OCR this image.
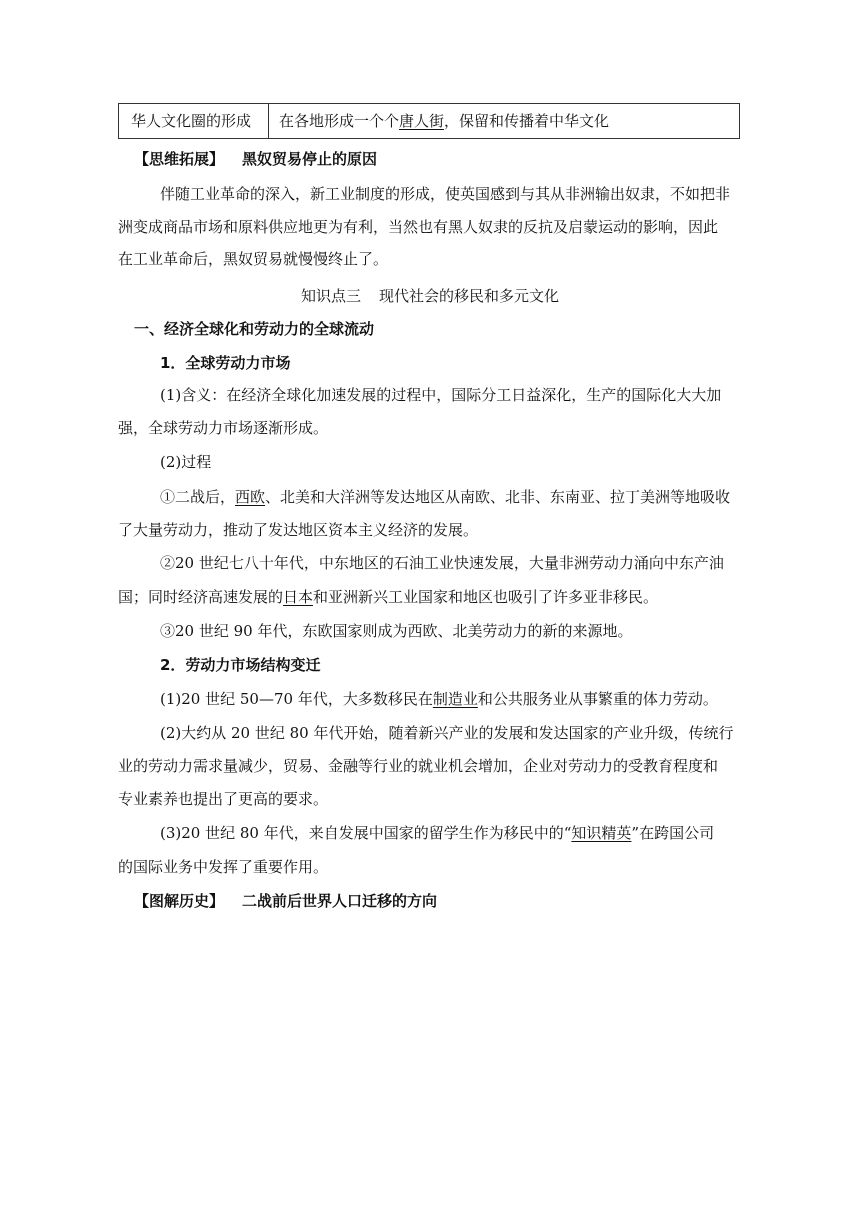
华人文化圈的形成	在各地形成一个个唐人街，保留和传播着中华文化
【思维拓展】 黑奴贸易停止的原因
伴随工业革命的深入，新工业制度的形成，使英国感到与其从非洲输出奴隶，不如把非
洲变成商品市场和原料供应地更为有利，当然也有黑人奴隶的反抗及启蒙运动的影响，因此
在工业革命后，黑奴贸易就慢慢终止了。
知识点三 现代社会的移民和多元文化
一、经济全球化和劳动力的全球流动
1．全球劳动力市场
(1)含义：在经济全球化加速发展的过程中，国际分工日益深化，生产的国际化大大加
强，全球劳动力市场逐渐形成。
(2)过程
①二战后，西欧、北美和大洋洲等发达地区从南欧、北非、东南亚、拉丁美洲等地吸收
了大量劳动力，推动了发达地区资本主义经济的发展。
②20 世纪七八十年代，中东地区的石油工业快速发展，大量非洲劳动力涌向中东产油
国；同时经济高速发展的日本和亚洲新兴工业国家和地区也吸引了许多亚非移民。
③20 世纪 90 年代，东欧国家则成为西欧、北美劳动力的新的来源地。
2．劳动力市场结构变迁
(1)20 世纪 50—70 年代，大多数移民在制造业和公共服务业从事繁重的体力劳动。
(2)大约从 20 世纪 80 年代开始，随着新兴产业的发展和发达国家的产业升级，传统行
业的劳动力需求量减少，贸易、金融等行业的就业机会增加，企业对劳动力的受教育程度和
专业素养也提出了更高的要求。
(3)20 世纪 80 年代，来自发展中国家的留学生作为移民中的“知识精英”在跨国公司
的国际业务中发挥了重要作用。
【图解历史】 二战前后世界人口迁移的方向
